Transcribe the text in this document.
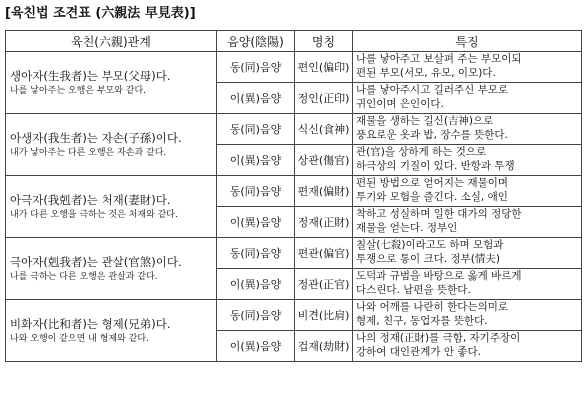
[육친법 조견표 (六親法 早見表)]
육친(六親)관계	음양(陰陽)	명칭	특징

생아자(生我者)는 부모(父母)다.
나를 낳아주는 오행은 부모와 같다.	동(同)음양	편인(偏印)	나를 낳아주고 보살펴 주는 부모이되
편된 부모(서모, 유모, 이모)다.

	이(異)음양	정인(正印)	나를 낳아주시고 길러주신 부모로
귀인이며 은인이다.

아생자(我生者)는 자손(子孫)이다.
내가 낳아주는 다른 오행은 자손과 같다.	동(同)음양	식신(食神)	재물을 생하는 길신(吉神)으로
풍요로운 옷과 밥, 장수를 뜻한다.

	이(異)음양	상관(傷官)	관(官)을 상하게 하는 것으로
하극상의 기질이 있다. 반항과 투쟁

아극자(我剋者)는 처재(妻財)다.
내가 다른 오행을 극하는 것은 처재와 같다.	동(同)음양	편재(偏財)	편된 방법으로 얻어지는 재물이며
투기와 모험을 즐긴다. 소실, 애인

	이(異)음양	정재(正財)	착하고 성실하며 일한 대가의 정당한
재물을 얻는다. 정부인

극아자(剋我者)는 관살(官煞)이다.
나를 극하는 다른 오행은 관살과 같다.	동(同)음양	편관(偏官)	칠살(七殺)이라고도 하며 모험과
투쟁으로 통이 크다. 정부(情夫)

	이(異)음양	정관(正官)	도덕과 규범을 바탕으로 옳게 바르게
다스린다. 남편을 뜻한다.

비화자(比和者)는 형제(兄弟)다.
나와 오행이 같으면 내 형제와 같다.	동(同)음양	비견(比肩)	나와 어깨를 나란히 한다는의미로
형제, 친구, 동업자를 뜻한다.

	이(異)음양	겁재(劫財)	나의 정재(正財)를 극함, 자기주장이
강하여 대인관계가 안 좋다.
